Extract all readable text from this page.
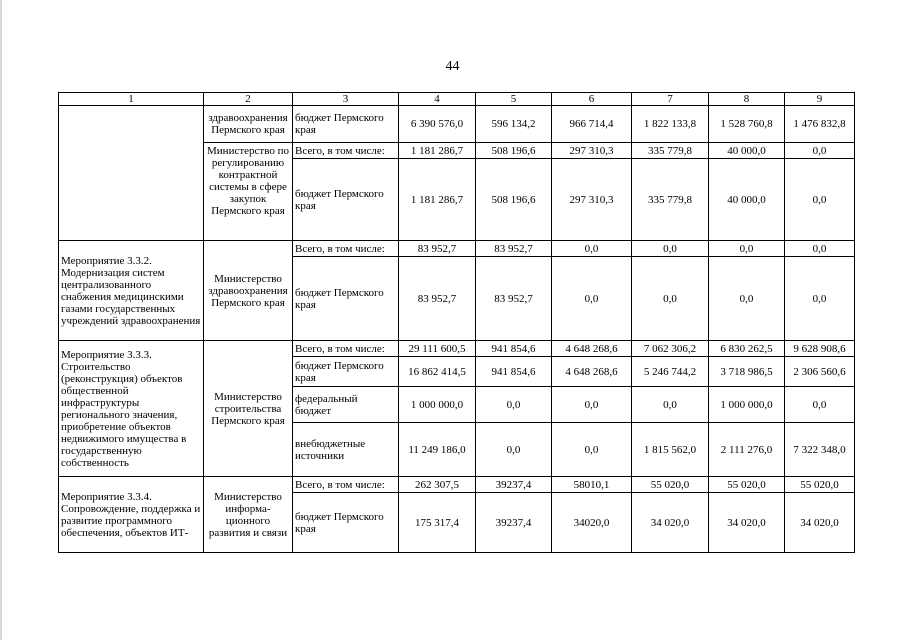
44
1	2	3	4	5	6	7	8	9
	здравоохранения Пермского края	бюджет Пермского края	6 390 576,0	596 134,2	966 714,4	1 822 133,8	1 528 760,8	1 476 832,8
	Министерство по регулированию контрактной системы в сфере закупок Пермского края	Всего, в том числе:	1 181 286,7	508 196,6	297 310,3	335 779,8	40 000,0	0,0
		бюджет Пермского края	1 181 286,7	508 196,6	297 310,3	335 779,8	40 000,0	0,0
Мероприятие 3.3.2. Модернизация систем централизованного снабжения медицинскими газами государственных учреждений здравоохранения	Министерство здравоохранения Пермского края	Всего, в том числе:	83 952,7	83 952,7	0,0	0,0	0,0	0,0
		бюджет Пермского края	83 952,7	83 952,7	0,0	0,0	0,0	0,0
Мероприятие 3.3.3. Строительство (реконструкция) объектов общественной инфраструктуры регионального значения, приобретение объектов недвижимого имущества в государственную собственность	Министерство строительства Пермского края	Всего, в том числе:	29 111 600,5	941 854,6	4 648 268,6	7 062 306,2	6 830 262,5	9 628 908,6
		бюджет Пермского края	16 862 414,5	941 854,6	4 648 268,6	5 246 744,2	3 718 986,5	2 306 560,6
		федеральный бюджет	1 000 000,0	0,0	0,0	0,0	1 000 000,0	0,0
		внебюджетные источники	11 249 186,0	0,0	0,0	1 815 562,0	2 111 276,0	7 322 348,0
Мероприятие 3.3.4. Сопровождение, поддержка и развитие программного обеспечения, объектов ИТ-	Министерство информа-ционного развития и связи	Всего, в том числе:	262 307,5	39237,4	58010,1	55 020,0	55 020,0	55 020,0
		бюджет Пермского края	175 317,4	39237,4	34020,0	34 020,0	34 020,0	34 020,0
